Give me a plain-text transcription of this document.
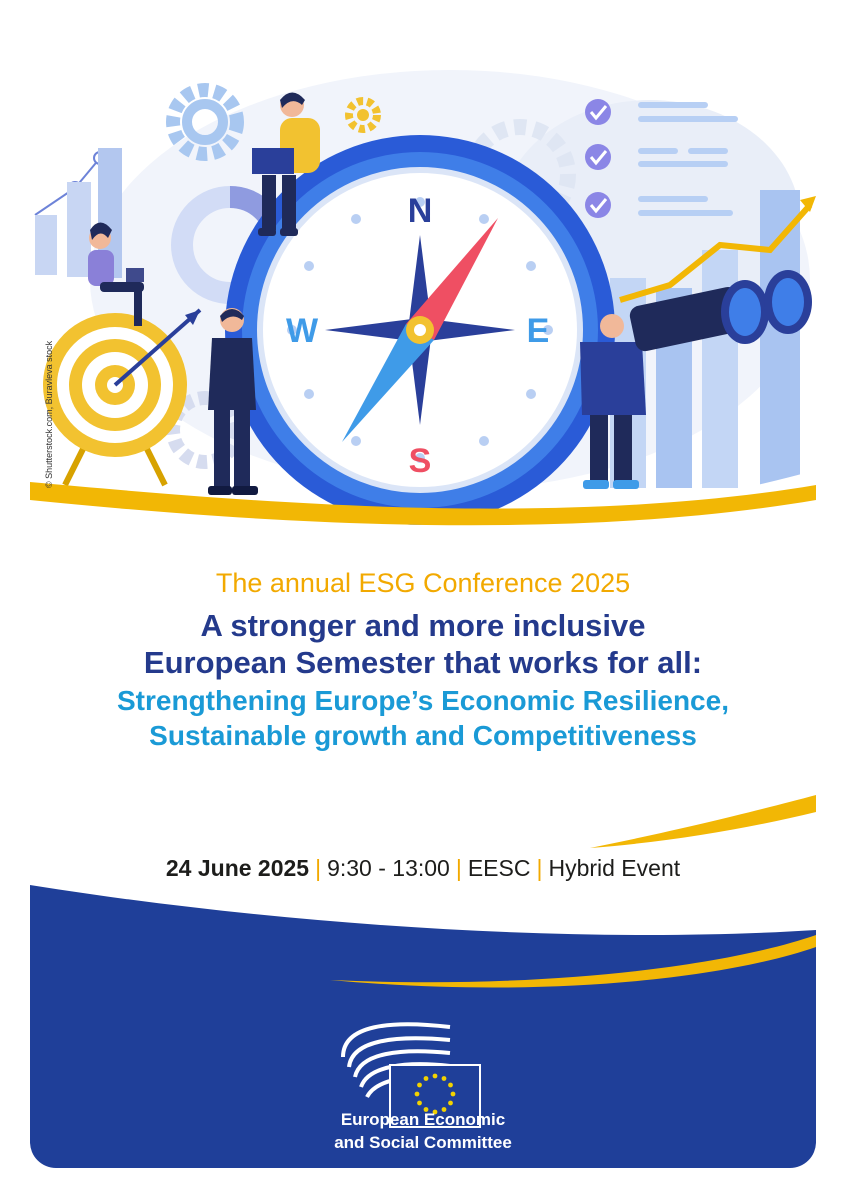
N
S
W	E
© Shutterstock.com, Buravleva stock
The annual ESG Conference 2025
A stronger and more inclusive
European Semester that works for all:
Strengthening Europe’s Economic Resilience,
Sustainable growth and Competitiveness
24 June 2025 | 9:30 - 13:00 | EESC | Hybrid Event
European Economic
and Social Committee
